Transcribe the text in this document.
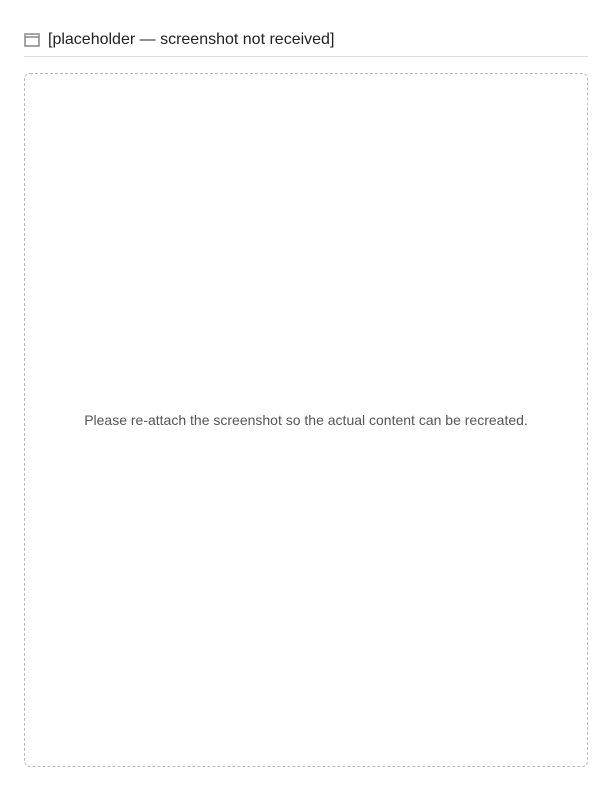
[placeholder — screenshot not received]
Please re-attach the screenshot so the actual content can be recreated.
